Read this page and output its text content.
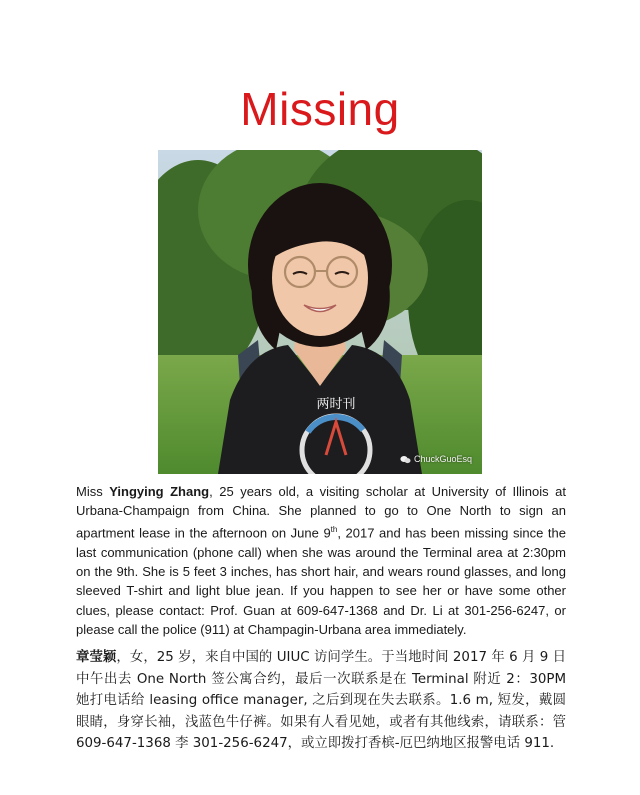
Missing
两时刊
ChuckGuoEsq

Miss Yingying Zhang, 25 years old, a visiting scholar at University of Illinois at Urbana-Champaign from China. She planned to go to One North to sign an apartment lease in the afternoon on June 9th, 2017 and has been missing since the last communication (phone call) when she was around the Terminal area at 2:30pm on the 9th. She is 5 feet 3 inches, has short hair, and wears round glasses, and long sleeved T-shirt and light blue jean. If you happen to see her or have some other clues, please contact: Prof. Guan at 609-647-1368 and Dr. Li at 301-256-6247, or please call the police (911) at Champagin-Urbana area immediately.

章莹颖，女，25 岁，来自中国的 UIUC 访问学生。于当地时间 2017 年 6 月 9 日中午出去 One North 签公寓合约，最后一次联系是在 Terminal 附近 2：30PM 她打电话给 leasing office manager, 之后到现在失去联系。1.6 m, 短发，戴圆眼睛，身穿长袖，浅蓝色牛仔裤。如果有人看见她，或者有其他线索，请联系：管 609-647-1368 李 301-256-6247，或立即拨打香槟-厄巴纳地区报警电话 911.
